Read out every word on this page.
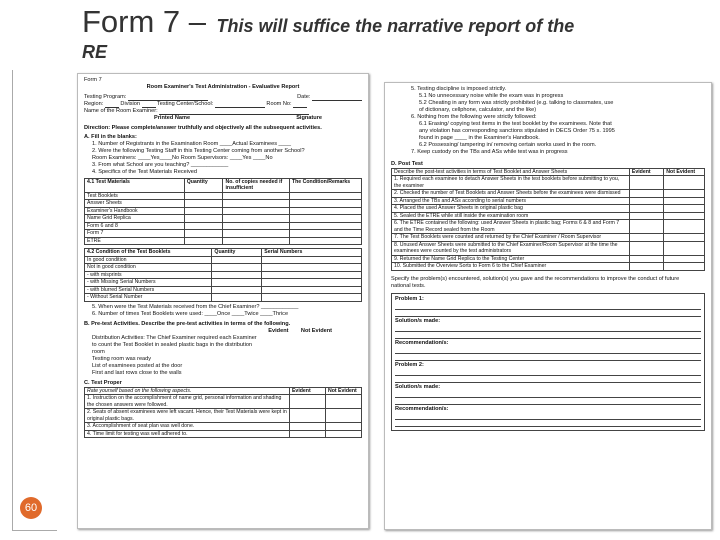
Form 7 – This will suffice the narrative report of the
RE
60
Form 7
Room Examiner's Test Administration - Evaluative Report
Testing Program:	Date:
Region:	Division	Testing Center/School:	Room No:
Name of the Room Examiner:
Printed Name	Signature
Direction: Please complete/answer truthfully and objectively all the subsequent activities.
A. Fill in the blanks:
1. Number of Registrants in the Examination Room ____Actual Examinees ____
2. Were the following Testing Staff in this Testing Center coming from another School?
Room Examiners: ____Yes____No Room Supervisors: ____Yes ____No
3. From what School are you teaching? ____________
4. Specifics of the Test Materials Received
4.1 Test Materials	Quantity	No. of copies needed if insufficient	The Condition/Remarks
Test Booklets			
Answer Sheets			
Examiner's Handbook			
Name Grid Replica			
Form 6 and 8			
Form 7			
ETRE			
4.2 Condition of the Test Booklets	Quantity	Serial Numbers
In good condition		
Not in good condition		
- with misprints		
- with Missing Serial Numbers		
- with blurred Serial Numbers		
- Without Serial Number		
5. When were the Test Materials received from the Chief Examiner? ____________
6. Number of times Test Booklets were used: ____Once ____Twice ____Thrice
B. Pre-test Activities. Describe the pre-test activities in terms of the following.
Evident Not Evident
Distribution Activities: The Chief Examiner required each Examiner to count the Test Booklet in sealed plastic bags in the distribution room
Testing room was ready
List of examinees posted at the door
First and last rows close to the walls
C. Test Proper
Rate yourself based on the following aspects.	Evident	Not Evident
1. Instruction on the accomplishment of name grid, personal information and shading the chosen answers were followed.		
2. Seats of absent examinees were left vacant. Hence, their Test Materials were kept in original plastic bags.		
3. Accomplishment of seat plan was well done.		
4. Time limit for testing was well adhered to.		
5. Testing discipline is imposed strictly.
5.1 No unnecessary noise while the exam was in progress
5.2 Cheating in any form was strictly prohibited (e.g. talking to classmates, use of dictionary, cellphone, calculator, and the like)
6. Nothing from the following were strictly followed:
6.1 Erasing/ copying test items in the test booklet by the examinees. Note that any violation has corresponding sanctions stipulated in DECS Order 75 s. 1995 found in page ____ in the Examiner's Handbook.
6.2 Possessing/ tampering in/ removing certain works used in the room.
7. Keep custody on the TBs and ASs while test was in progress
D. Post Test
Describe the post-test activities in terms of Test Booklet and Answer Sheets	Evident	Not Evident
1. Required each examinee to detach Answer Sheets in the test booklets before submitting to you, the examiner		
2. Checked the number of Test Booklets and Answer Sheets before the examinees were dismissed		
3. Arranged the TBs and ASs according to serial numbers		
4. Placed the used Answer Sheets in original plastic bag		
5. Sealed the ETRE while still inside the examination room		
6. The ETRE contained the following: used Answer Sheets in plastic bag; Forms 6 & 8 and Form 7 and the Time Record sealed from the Room		
7. The Test Booklets were counted and returned by the Chief Examiner / Room Supervisor		
8. Unused Answer Sheets were submitted to the Chief Examiner/Room Supervisor at the time the examinees were counted by the test administrators		
9. Returned the Name Grid Replica to the Testing Center		
10. Submitted the Overview Sorts to Form 6 to the Chief Examiner		
Specify the problem(s) encountered, solution(s) you gave and the recommendations to improve the conduct of future national tests.
Problem 1:
Solution/s made:
Recommendation/s:
Problem 2:
Solution/s made:
Recommendation/s:
